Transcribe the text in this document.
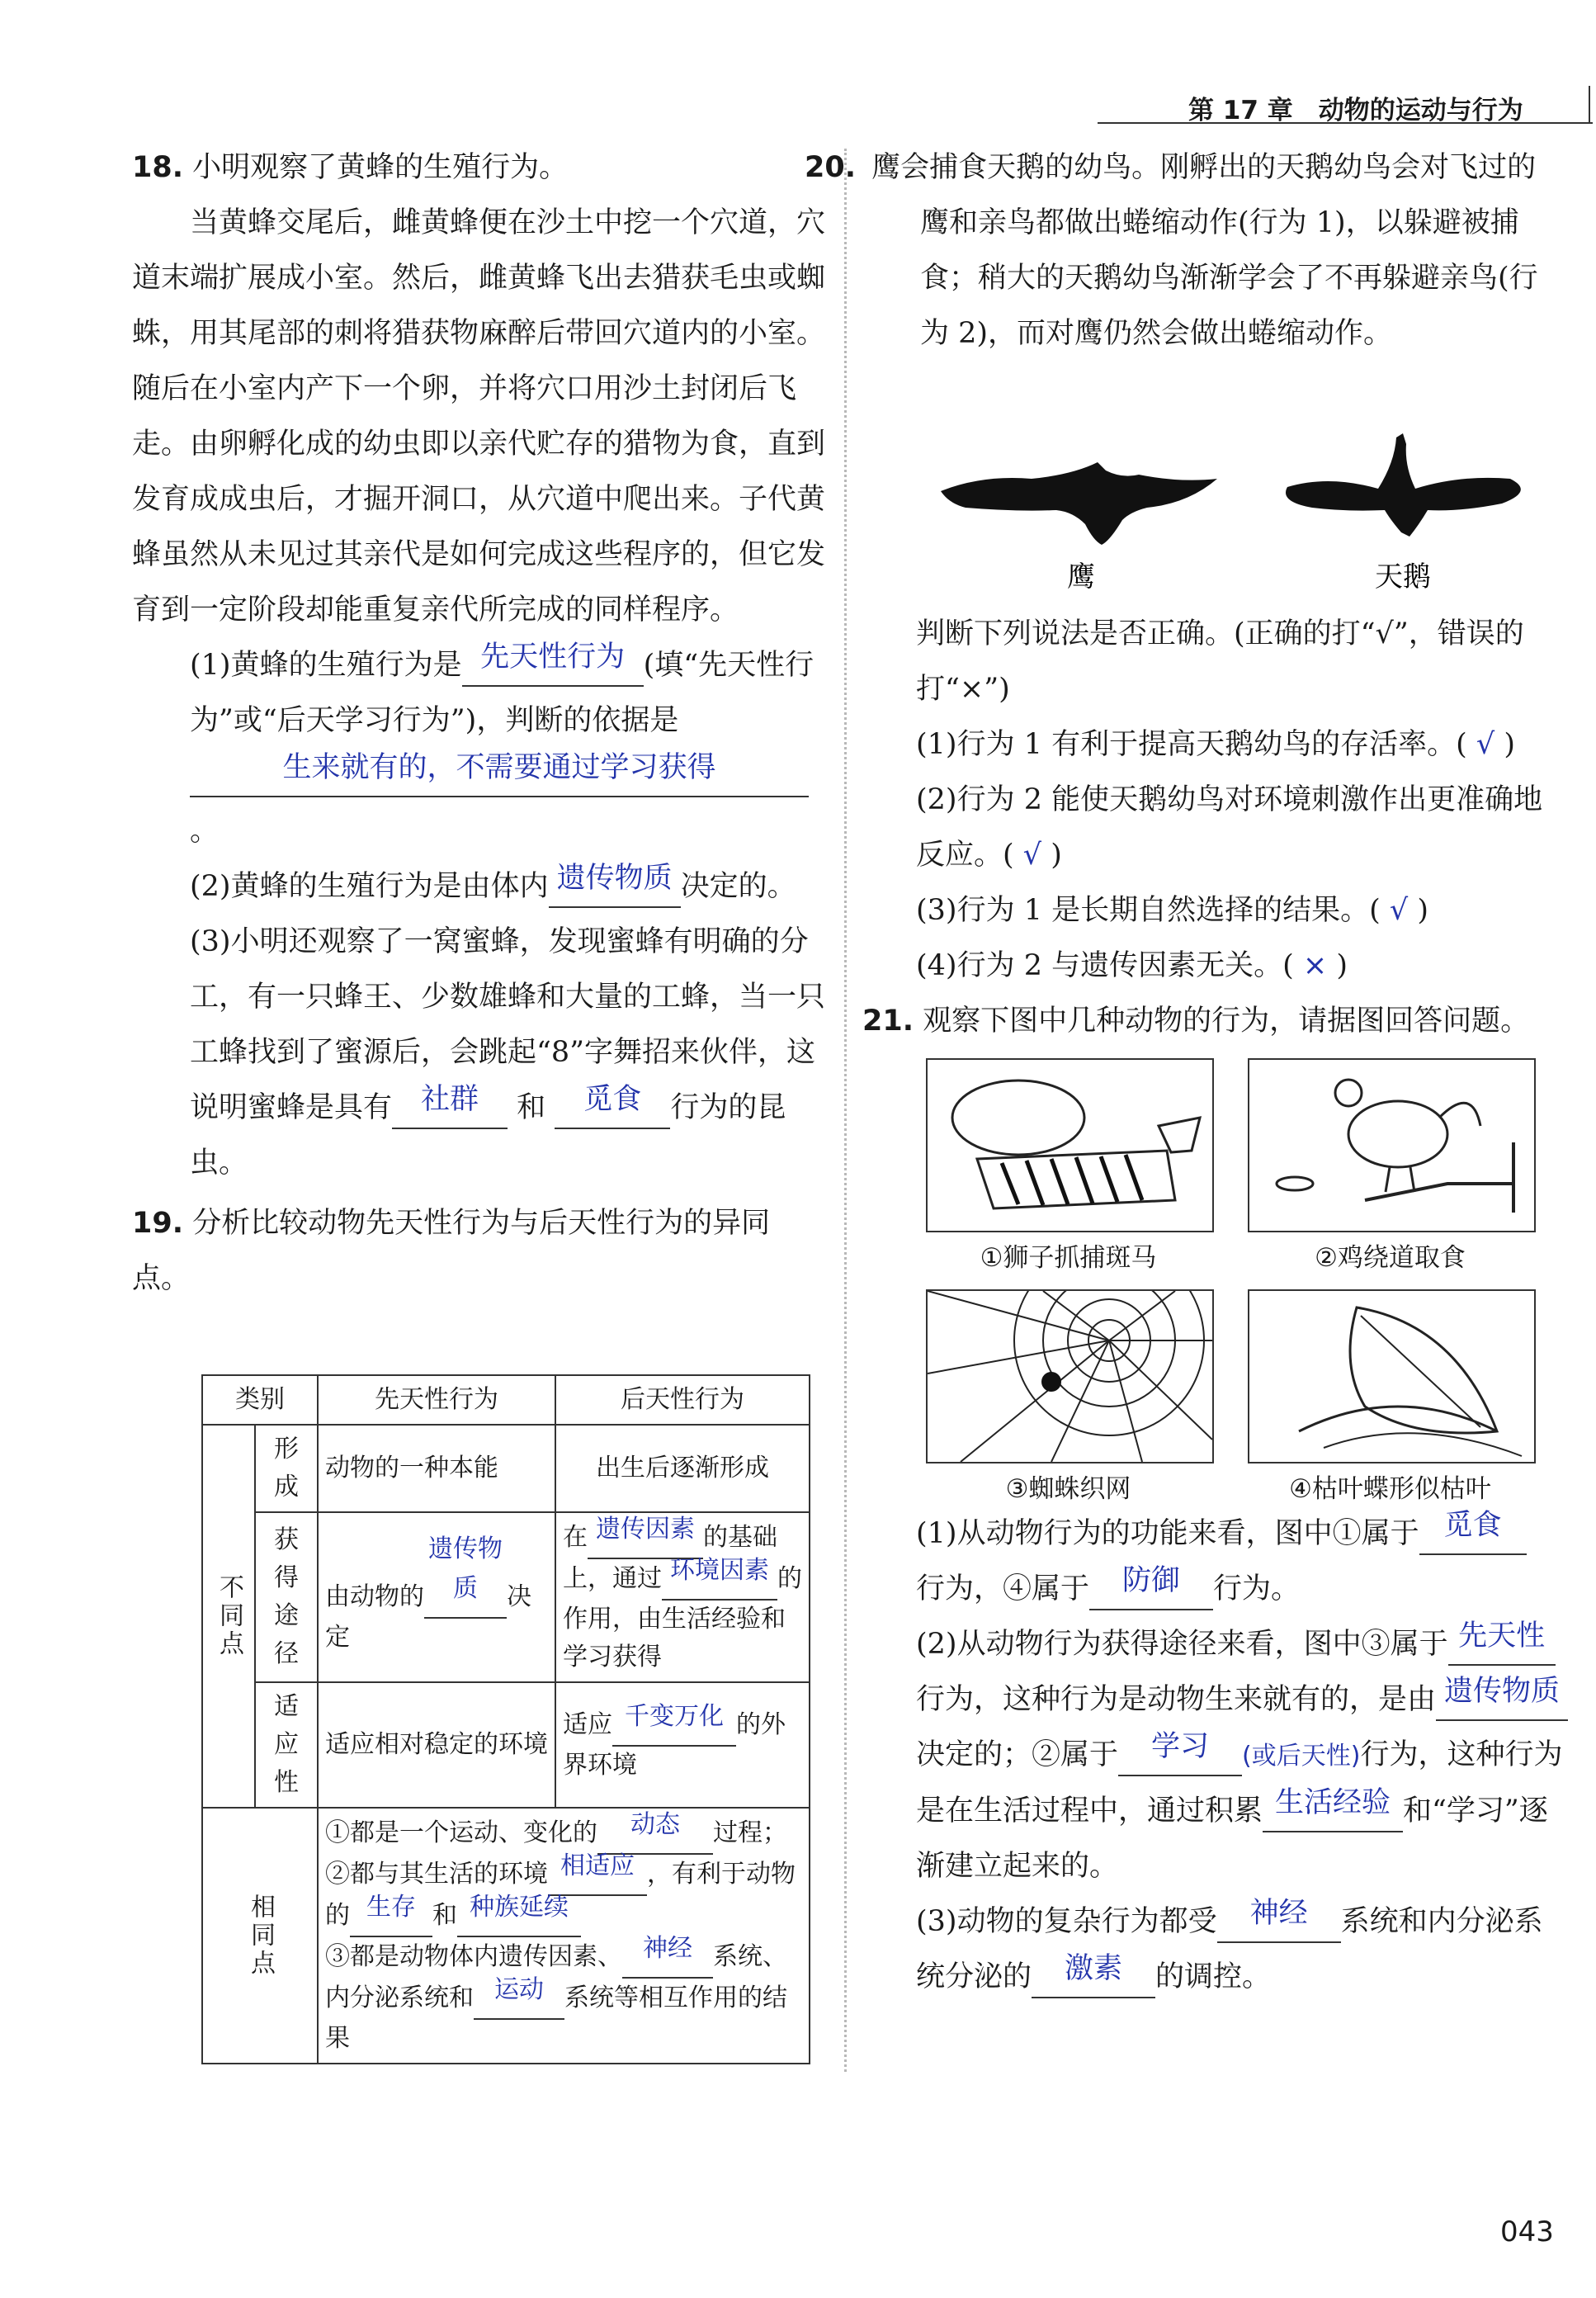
第 17 章　动物的运动与行为

18. 小明观察了黄蜂的生殖行为。

当黄蜂交尾后，雌黄蜂便在沙土中挖一个穴道，穴道末端扩展成小室。然后，雌黄蜂飞出去猎获毛虫或蜘蛛，用其尾部的刺将猎获物麻醉后带回穴道内的小室。随后在小室内产下一个卵，并将穴口用沙土封闭后飞走。由卵孵化成的幼虫即以亲代贮存的猎物为食，直到发育成成虫后，才掘开洞口，从穴道中爬出来。子代黄蜂虽然从未见过其亲代是如何完成这些程序的，但它发育到一定阶段却能重复亲代所完成的同样程序。

(1)黄蜂的生殖行为是 先天性行为 (填“先天性行为”或“后天学习行为”)，判断的依据是
生来就有的，不需要通过学习获得。

(2)黄蜂的生殖行为是由体内 遗传物质 决定的。

(3)小明还观察了一窝蜜蜂，发现蜜蜂有明确的分工，有一只蜂王、少数雄蜂和大量的工蜂，当一只工蜂找到了蜜源后，会跳起“8”字舞招来伙伴，这说明蜜蜂是具有 社群 和 觅食 行为的昆虫。

19. 分析比较动物先天性行为与后天性行为的异同点。

类别		先天性行为	后天性行为
不同点	形成	动物的一种本能	出生后逐渐形成
	获得途径	由动物的遗传物质 决定	在 遗传因素 的基础上，通过 环境因素 的作用，由生活经验和学习获得
	适应性	适应相对稳定的环境	适应 千变万化 的外界环境
相同点		①都是一个运动、变化的 动态 过程；
②都与其生活的环境 相适应 ，有利于动物的 生存 和 种族延续
③都是动物体内遗传因素、 神经 系统、内分泌系统和 运动 系统等相互作用的结果	

20. 鹰会捕食天鹅的幼鸟。刚孵出的天鹅幼鸟会对飞过的鹰和亲鸟都做出蜷缩动作(行为 1)，以躲避被捕食；稍大的天鹅幼鸟渐渐学会了不再躲避亲鸟(行为 2)，而对鹰仍然会做出蜷缩动作。

鹰	天鹅

判断下列说法是否正确。(正确的打“√”，错误的打“×”)

(1)行为 1 有利于提高天鹅幼鸟的存活率。( √ )

(2)行为 2 能使天鹅幼鸟对环境刺激作出更准确地反应。( √ )

(3)行为 1 是长期自然选择的结果。( √ )

(4)行为 2 与遗传因素无关。( × )

21. 观察下图中几种动物的行为，请据图回答问题。

①狮子抓捕斑马	②鸡绕道取食
③蜘蛛织网	④枯叶蝶形似枯叶

(1)从动物行为的功能来看，图中①属于 觅食
行为，④属于 防御 行为。

(2)从动物行为获得途径来看，图中③属于 先天性行为，这种行为是动物生来就有的，是由 遗传物质决定的；②属于 学习 (或后天性)行为，这种行为是在生活过程中，通过积累 生活经验 和“学习”逐渐建立起来的。

(3)动物的复杂行为都受 神经 系统和内分泌系统分泌的 激素 的调控。

043
